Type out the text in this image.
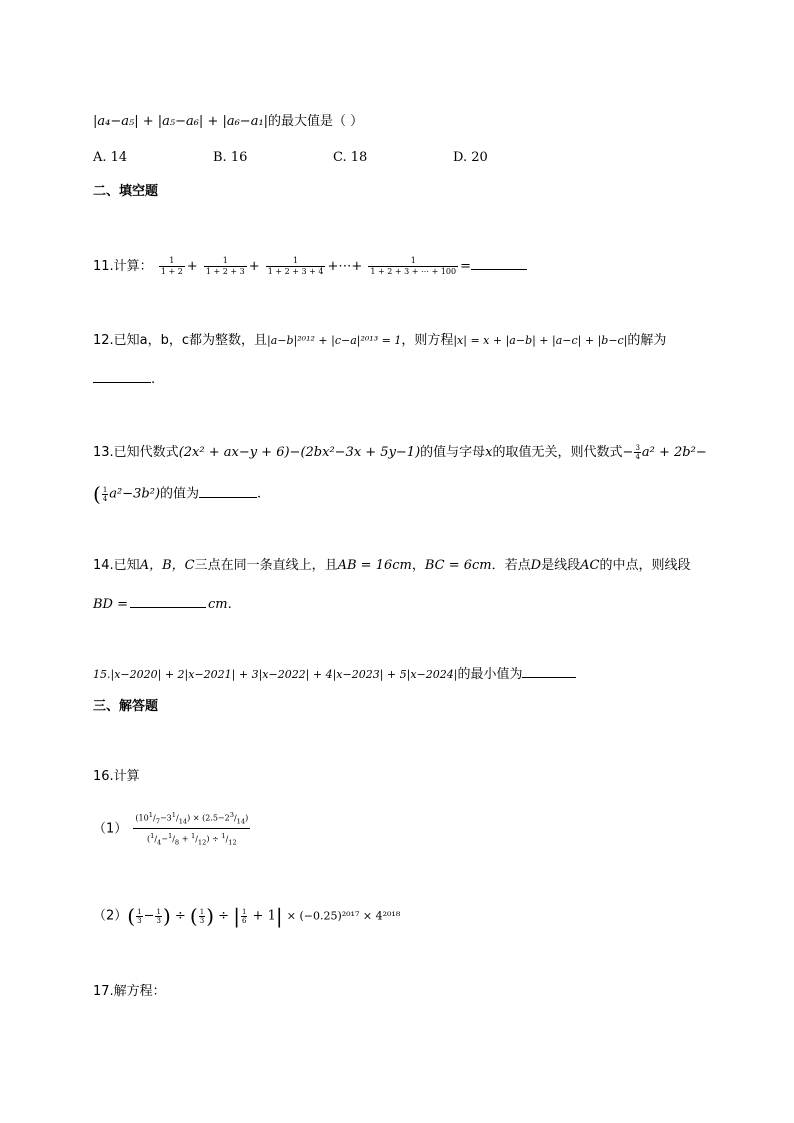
|a₄−a₅| + |a₅−a₆| + |a₆−a₁|的最大值是（ ）
A. 14	B. 16	C. 18	D. 20
二、填空题
11.计算： $\frac{1}{1 + 2} + \frac{1}{1 + 2 + 3} + \frac{1}{1 + 2 + 3 + 4}$ +⋯+ $\frac{1}{1 + 2 + 3 + \cdots + 100}$ =
12.已知a，b，c都为整数，且|a−b|²⁰¹² + |c−a|²⁰¹³ = 1，则方程|x| = x + |a−b| + |a−c| + |b−c|的解为
.
13.已知代数式(2x² + ax−y + 6)−(2bx²−3x + 5y−1)的值与字母x的取值无关，则代数式− $\frac{3}{4} a^2 + 2b^2-$
( $\frac{1}{4} a^2-3b^2$)的值为	.
14.已知A，B，C三点在同一条直线上，且AB = 16cm，BC = 6cm．若点D是线段AC的中点，则线段
BD =	cm.
15.|x−2020| + 2|x−2021| + 3|x−2022| + 4|x−2023| + 5|x−2024|的最小值为
三、解答题
16.计算
$(1) \frac{(10^1/_7-3^1/_{14}) \times (2.5-2^3/_{14})}{(^1/_4-^1/_8 + ^1/_{12}) \div ^1/_{12}}$
$(2)( \frac{1}{3} - \frac{1}{3}$ ) ÷ ( $\frac{1}{3}$ ) ÷ | $\frac{1}{6} + 1| \times (-0.25)^{2017} \times 4^{2018}$
17.解方程：
